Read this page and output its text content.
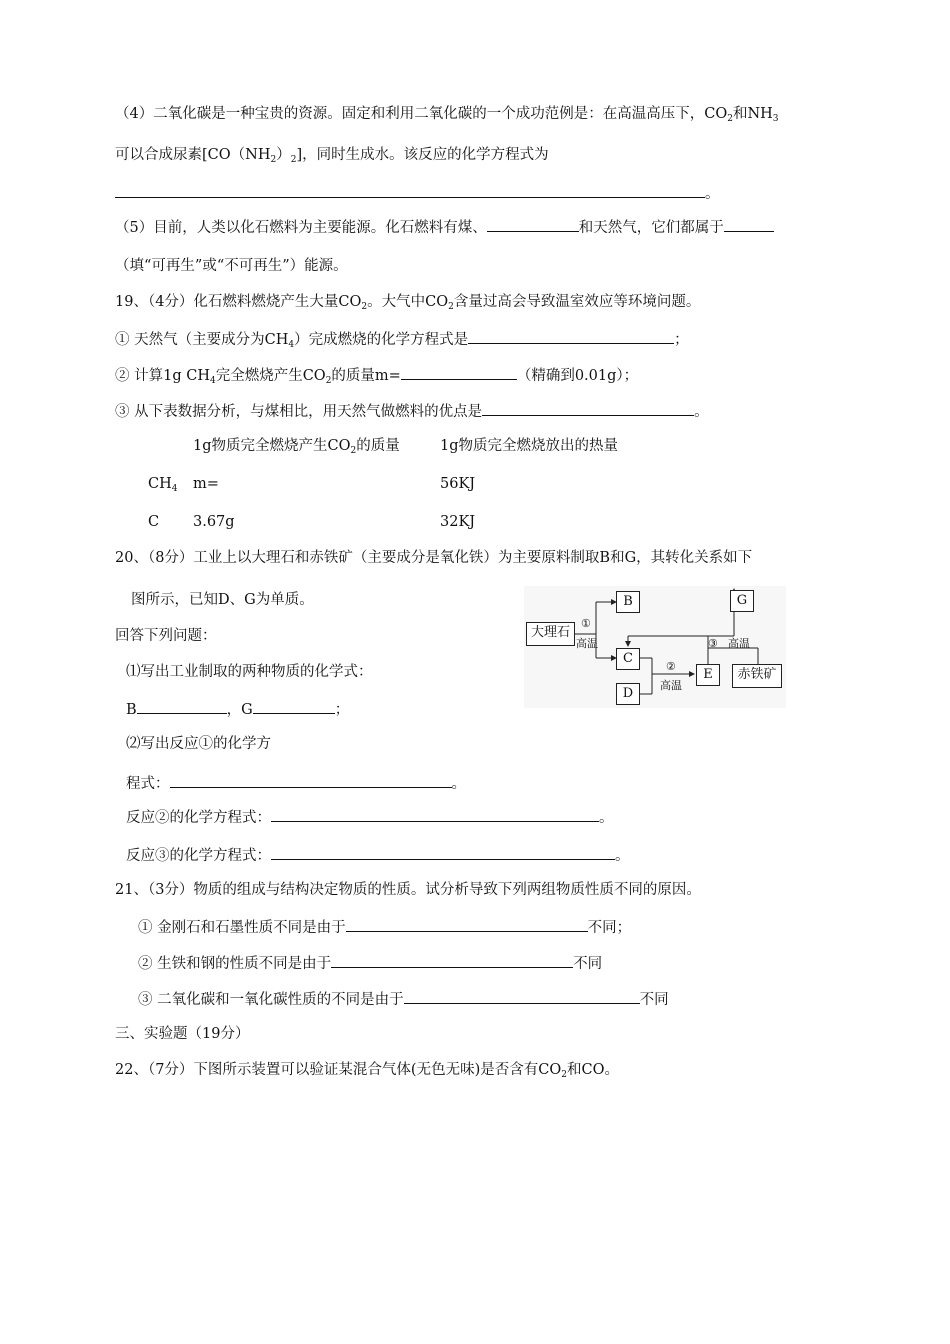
（4）二氧化碳是一种宝贵的资源。固定和利用二氧化碳的一个成功范例是：在高温高压下，$CO_2$和$NH_3$
可以合成尿素$[CO(NH_2)_2]$，同时生成水。该反应的化学方程式为
。
（5）目前，人类以化石燃料为主要能源。化石燃料有煤、	和天然气，它们都属于
（填“可再生”或“不可再生”）能源。
19、（4分）化石燃料燃烧产生大量$CO_2$。大气中$CO_2$含量过高会导致温室效应等环境问题。
① 天然气（主要成分为$CH_4$）完成燃烧的化学方程式是	；
② 计算1g $CH_4$完全燃烧产生$CO_2$的质量m=	（精确到0.01g）；
③ 从下表数据分析，与煤相比，用天然气做燃料的优点是	。
1g物质完全燃烧产生$CO_2$的质量	1g物质完全燃烧放出的热量
$CH_4$ m=	56KJ
C 3.67g	32KJ
20、（8分）工业上以大理石和赤铁矿（主要成分是氧化铁）为主要原料制取B和G，其转化关系如下
图所示，已知D、G为单质。
回答下列问题：
⑴写出工业制取的两种物质的化学式：
B	，G	；
⑵写出反应①的化学方
程式：	。
反应②的化学方程式：	。
反应③的化学方程式：	。
大理石
B
C
D
E
G
赤铁矿
①
高温
②
高温
③ 高温
21、（3分）物质的组成与结构决定物质的性质。试分析导致下列两组物质性质不同的原因。
① 金刚石和石墨性质不同是由于	不同；
② 生铁和钢的性质不同是由于	不同
③ 二氧化碳和一氧化碳性质的不同是由于	不同
三、实验题（19分）
22、（7分）下图所示装置可以验证某混合气体(无色无味)是否含有$CO_2$和CO。
